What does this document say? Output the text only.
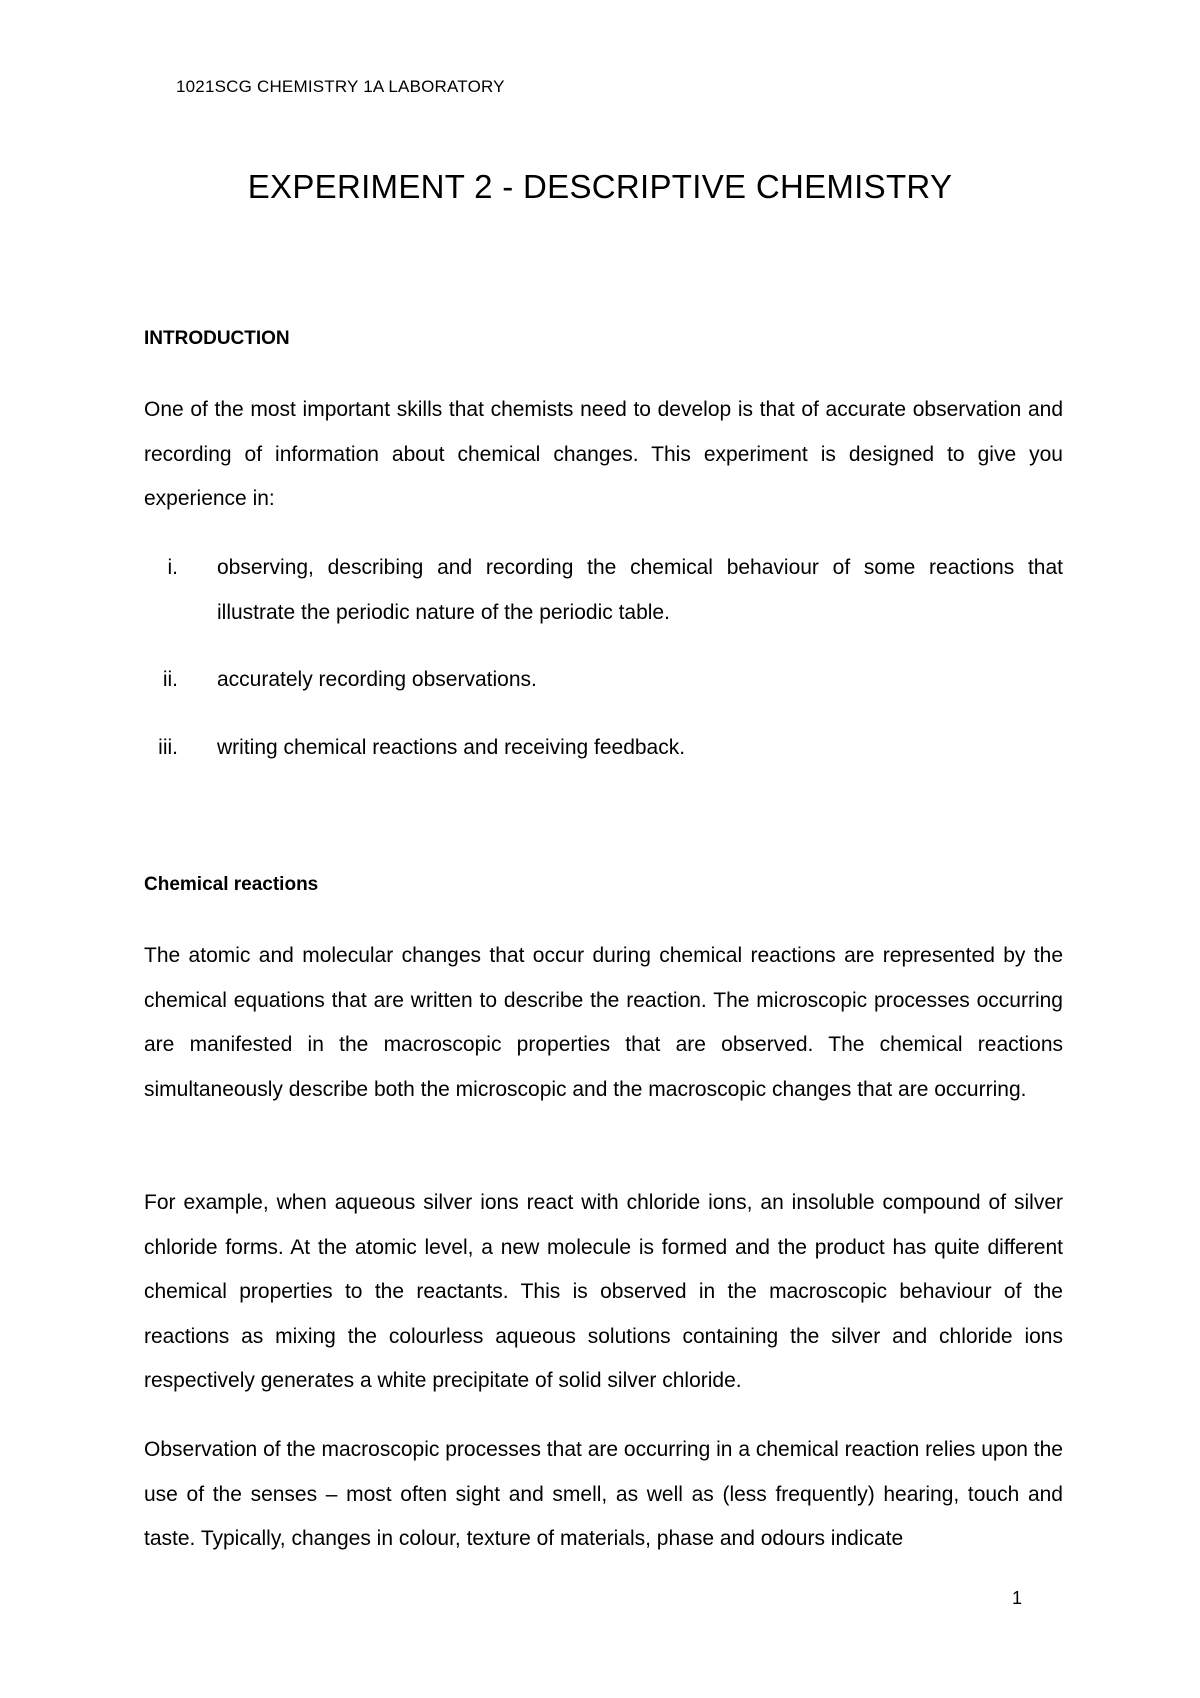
1021SCG CHEMISTRY 1A LABORATORY
EXPERIMENT 2 - DESCRIPTIVE CHEMISTRY
INTRODUCTION

One of the most important skills that chemists need to develop is that of accurate observation and recording of information about chemical changes. This experiment is designed to give you experience in:

i. observing, describing and recording the chemical behaviour of some reactions that illustrate the periodic nature of the periodic table.
ii. accurately recording observations.
iii. writing chemical reactions and receiving feedback.
Chemical reactions

The atomic and molecular changes that occur during chemical reactions are represented by the chemical equations that are written to describe the reaction. The microscopic processes occurring are manifested in the macroscopic properties that are observed. The chemical reactions simultaneously describe both the microscopic and the macroscopic changes that are occurring.

For example, when aqueous silver ions react with chloride ions, an insoluble compound of silver chloride forms. At the atomic level, a new molecule is formed and the product has quite different chemical properties to the reactants. This is observed in the macroscopic behaviour of the reactions as mixing the colourless aqueous solutions containing the silver and chloride ions respectively generates a white precipitate of solid silver chloride.

Observation of the macroscopic processes that are occurring in a chemical reaction relies upon the use of the senses – most often sight and smell, as well as (less frequently) hearing, touch and taste. Typically, changes in colour, texture of materials, phase and odours indicate

1
